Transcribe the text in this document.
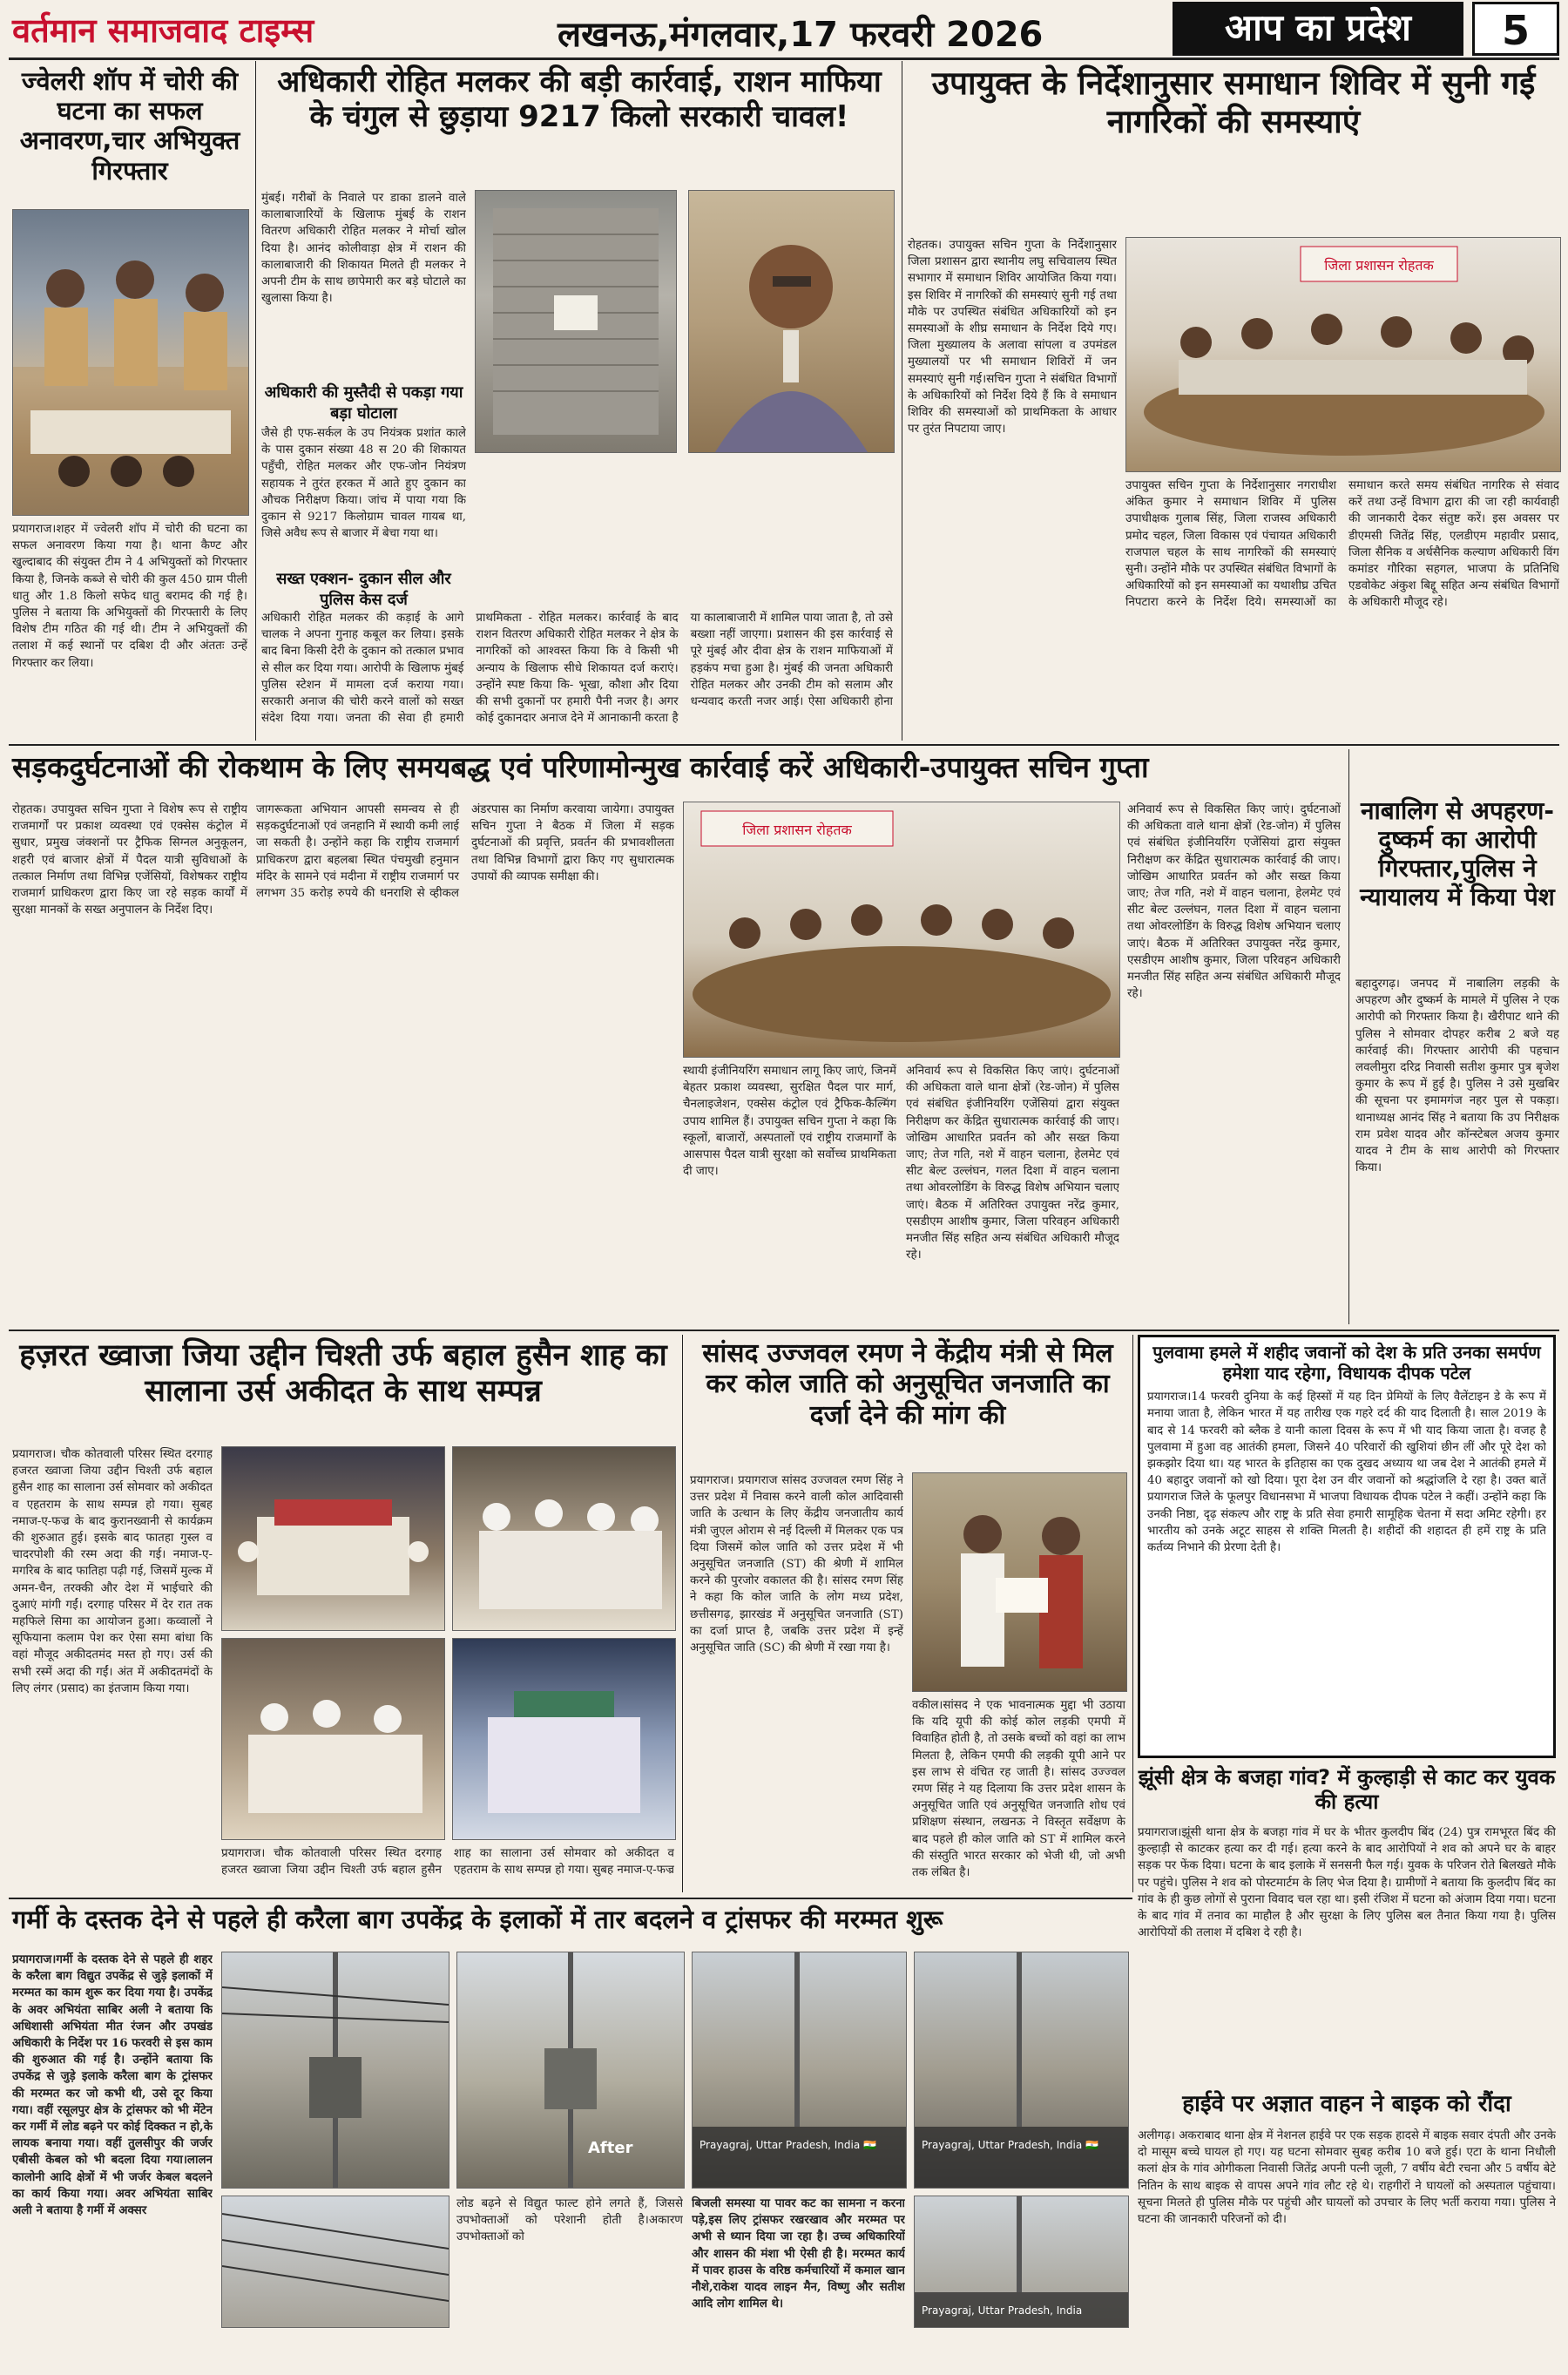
वर्तमान समाजवाद टाइम्स	लखनऊ,मंगलवार,17 फरवरी 2026	आप का प्रदेश	5
ज्वेलरी शॉप में चोरी की घटना का सफल अनावरण,चार अभियुक्त गिरफ्तार
प्रयागराज।शहर में ज्वेलरी शॉप में चोरी की घटना का सफल अनावरण किया गया है। थाना कैण्ट और खुल्दाबाद की संयुक्त टीम ने 4 अभियुक्तों को गिरफ्तार किया है, जिनके कब्जे से चोरी की कुल 450 ग्राम पीली धातु और 1.8 किलो सफेद धातु बरामद की गई है।पुलिस ने बताया कि अभियुक्तों की गिरफ्तारी के लिए विशेष टीम गठित की गई थी। टीम ने अभियुक्तों की तलाश में कई स्थानों पर दबिश दी और अंततः उन्हें गिरफ्तार कर लिया।
अधिकारी रोहित मलकर की बड़ी कार्रवाई, राशन माफिया के चंगुल से छुड़ाया 9217 किलो सरकारी चावल!
मुंबई। गरीबों के निवाले पर डाका डालने वाले कालाबाजारियों के खिलाफ मुंबई के राशन वितरण अधिकारी रोहित मलकर ने मोर्चा खोल दिया है। आनंद कोलीवाड़ा क्षेत्र में राशन की कालाबाजारी की शिकायत मिलते ही मलकर ने अपनी टीम के साथ छापेमारी कर बड़े घोटाले का खुलासा किया है।
अधिकारी की मुस्तैदी से पकड़ा गया बड़ा घोटाला
जैसे ही एफ-सर्कल के उप नियंत्रक प्रशांत काले के पास दुकान संख्या 48 स 20 की शिकायत पहुँची, रोहित मलकर और एफ-जोन नियंत्रण सहायक ने तुरंत हरकत में आते हुए दुकान का औचक निरीक्षण किया। जांच में पाया गया कि दुकान से 9217 किलोग्राम चावल गायब था, जिसे अवैध रूप से बाजार में बेचा गया था।
सख्त एक्शन- दुकान सील और पुलिस केस दर्ज
अधिकारी रोहित मलकर की कड़ाई के आगे चालक ने अपना गुनाह कबूल कर लिया। इसके बाद बिना किसी देरी के दुकान को तत्काल प्रभाव से सील कर दिया गया। आरोपी के खिलाफ मुंबई पुलिस स्टेशन में मामला दर्ज कराया गया। सरकारी अनाज की चोरी करने वालों को सख्त संदेश दिया गया। जनता की सेवा ही हमारी प्राथमिकता - रोहित मलकर। कार्रवाई के बाद राशन वितरण अधिकारी रोहित मलकर ने क्षेत्र के नागरिकों को आश्वस्त किया कि वे किसी भी अन्याय के खिलाफ सीधे शिकायत दर्ज कराएं। उन्होंने स्पष्ट किया कि- भूखा, कौशा और दिया की सभी दुकानों पर हमारी पैनी नजर है। अगर कोई दुकानदार अनाज देने में आनाकानी करता है या कालाबाजारी में शामिल पाया जाता है, तो उसे बख्शा नहीं जाएगा। प्रशासन की इस कार्रवाई से पूरे मुंबई और दीवा क्षेत्र के राशन माफियाओं में हड़कंप मचा हुआ है। मुंबई की जनता अधिकारी रोहित मलकर और उनकी टीम को सलाम और धन्यवाद करती नजर आई। ऐसा अधिकारी होना
उपायुक्त के निर्देशानुसार समाधान शिविर में सुनी गई नागरिकों की समस्याएं
रोहतक। उपायुक्त सचिन गुप्ता के निर्देशानुसार जिला प्रशासन द्वारा स्थानीय लघु सचिवालय स्थित सभागार में समाधान शिविर आयोजित किया गया। इस शिविर में नागरिकों की समस्याएं सुनी गई तथा मौके पर उपस्थित संबंधित अधिकारियों को इन समस्याओं के शीघ्र समाधान के निर्देश दिये गए। जिला मुख्यालय के अलावा सांपला व उपमंडल मुख्यालयों पर भी समाधान शिविरों में जन समस्याएं सुनी गई।सचिन गुप्ता ने संबंधित विभागों के अधिकारियों को निर्देश दिये हैं कि वे समाधान शिविर की समस्याओं को प्राथमिकता के आधार पर तुरंत निपटाया जाए।
जिला प्रशासन रोहतक
उपायुक्त सचिन गुप्ता के निर्देशानुसार नगराधीश अंकित कुमार ने समाधान शिविर में पुलिस उपाधीक्षक गुलाब सिंह, जिला राजस्व अधिकारी प्रमोद चहल, जिला विकास एवं पंचायत अधिकारी राजपाल चहल के साथ नागरिकों की समस्याएं सुनी। उन्होंने मौके पर उपस्थित संबंधित विभागों के अधिकारियों को इन समस्याओं का यथाशीघ्र उचित निपटारा करने के निर्देश दिये। समस्याओं का समाधान करते समय संबंधित नागरिक से संवाद करें तथा उन्हें विभाग द्वारा की जा रही कार्यवाही की जानकारी देकर संतुष्ट करें। इस अवसर पर डीएमसी जितेंद्र सिंह, एलडीएम महावीर प्रसाद, जिला सैनिक व अर्धसैनिक कल्याण अधिकारी विंग कमांडर गौरिका सहगल, भाजपा के प्रतिनिधि एडवोकेट अंकुश बिद्दू सहित अन्य संबंधित विभागों के अधिकारी मौजूद रहे।
सड़कदुर्घटनाओं की रोकथाम के लिए समयबद्ध एवं परिणामोन्मुख कार्रवाई करें अधिकारी-उपायुक्त सचिन गुप्ता
रोहतक। उपायुक्त सचिन गुप्ता ने विशेष रूप से राष्ट्रीय राजमार्गों पर प्रकाश व्यवस्था एवं एक्सेस कंट्रोल में सुधार, प्रमुख जंक्शनों पर ट्रैफिक सिग्नल अनुकूलन, शहरी एवं बाजार क्षेत्रों में पैदल यात्री सुविधाओं के तत्काल निर्माण तथा विभिन्न एजेंसियों, विशेषकर राष्ट्रीय राजमार्ग प्राधिकरण द्वारा किए जा रहे सड़क कार्यों में सुरक्षा मानकों के सख्त अनुपालन के निर्देश दिए।
जागरूकता अभियान आपसी समन्वय से ही सड़कदुर्घटनाओं एवं जनहानि में स्थायी कमी लाई जा सकती है। उन्होंने कहा कि राष्ट्रीय राजमार्ग प्राधिकरण द्वारा बहलबा स्थित पंचमुखी हनुमान मंदिर के सामने एवं मदीना में राष्ट्रीय राजमार्ग पर लगभग 35 करोड़ रुपये की धनराशि से व्हीकल अंडरपास का निर्माण करवाया जायेगा। उपायुक्त सचिन गुप्ता ने बैठक में जिला में सड़क दुर्घटनाओं की प्रवृत्ति, प्रवर्तन की प्रभावशीलता तथा विभिन्न विभागों द्वारा किए गए सुधारात्मक उपायों की व्यापक समीक्षा की।
जिला प्रशासन रोहतक
स्थायी इंजीनियरिंग समाधान लागू किए जाएं, जिनमें बेहतर प्रकाश व्यवस्था, सुरक्षित पैदल पार मार्ग, चैनलाइजेशन, एक्सेस कंट्रोल एवं ट्रैफिक-कैल्मिंग उपाय शामिल हैं। उपायुक्त सचिन गुप्ता ने कहा कि स्कूलों, बाजारों, अस्पतालों एवं राष्ट्रीय राजमार्गों के आसपास पैदल यात्री सुरक्षा को सर्वोच्च प्राथमिकता दी जाए।
अनिवार्य रूप से विकसित किए जाएं। दुर्घटनाओं की अधिकता वाले थाना क्षेत्रों (रेड-जोन) में पुलिस एवं संबंधित इंजीनियरिंग एजेंसियां द्वारा संयुक्त निरीक्षण कर केंद्रित सुधारात्मक कार्रवाई की जाए। जोखिम आधारित प्रवर्तन को और सख्त किया जाए; तेज गति, नशे में वाहन चलाना, हेलमेट एवं सीट बेल्ट उल्लंघन, गलत दिशा में वाहन चलाना तथा ओवरलोडिंग के विरुद्ध विशेष अभियान चलाए जाएं। बैठक में अतिरिक्त उपायुक्त नरेंद्र कुमार, एसडीएम आशीष कुमार, जिला परिवहन अधिकारी मनजीत सिंह सहित अन्य संबंधित अधिकारी मौजूद रहे।
अनिवार्य रूप से विकसित किए जाएं। दुर्घटनाओं की अधिकता वाले थाना क्षेत्रों (रेड-जोन) में पुलिस एवं संबंधित इंजीनियरिंग एजेंसियां द्वारा संयुक्त निरीक्षण कर केंद्रित सुधारात्मक कार्रवाई की जाए। जोखिम आधारित प्रवर्तन को और सख्त किया जाए; तेज गति, नशे में वाहन चलाना, हेलमेट एवं सीट बेल्ट उल्लंघन, गलत दिशा में वाहन चलाना तथा ओवरलोडिंग के विरुद्ध विशेष अभियान चलाए जाएं। बैठक में अतिरिक्त उपायुक्त नरेंद्र कुमार, एसडीएम आशीष कुमार, जिला परिवहन अधिकारी मनजीत सिंह सहित अन्य संबंधित अधिकारी मौजूद रहे।
नाबालिग से अपहरण-दुष्कर्म का आरोपी गिरफ्तार,पुलिस ने न्यायालय में किया पेश
बहादुरगढ़। जनपद में नाबालिग लड़की के अपहरण और दुष्कर्म के मामले में पुलिस ने एक आरोपी को गिरफ्तार किया है। खैरीपाट थाने की पुलिस ने सोमवार दोपहर करीब 2 बजे यह कार्रवाई की। गिरफ्तार आरोपी की पहचान लवलीमुरा दरिद्र निवासी सतीश कुमार पुत्र बृजेश कुमार के रूप में हुई है। पुलिस ने उसे मुखबिर की सूचना पर इमामगंज नहर पुल से पकड़ा। थानाध्यक्ष आनंद सिंह ने बताया कि उप निरीक्षक राम प्रवेश यादव और कॉन्स्टेबल अजय कुमार यादव ने टीम के साथ आरोपी को गिरफ्तार किया।
हज़रत ख्वाजा जिया उद्दीन चिश्ती उर्फ बहाल हुसैन शाह का सालाना उर्स अकीदत के साथ सम्पन्न
प्रयागराज। चौक कोतवाली परिसर स्थित दरगाह हजरत ख्वाजा जिया उद्दीन चिश्ती उर्फ बहाल हुसैन शाह का सालाना उर्स सोमवार को अकीदत व एहतराम के साथ सम्पन्न हो गया। सुबह नमाज-ए-फज्र के बाद कुरानख्वानी से कार्यक्रम की शुरुआत हुई। इसके बाद फातहा गुस्ल व चादरपोशी की रस्म अदा की गई। नमाज-ए-मगरिब के बाद फातिहा पढ़ी गई, जिसमें मुल्क में अमन-चैन, तरक्की और देश में भाईचारे की दुआएं मांगी गईं। दरगाह परिसर में देर रात तक महफिले सिमा का आयोजन हुआ। कव्वालों ने सूफियाना कलाम पेश कर ऐसा समा बांधा कि वहां मौजूद अकीदतमंद मस्त हो गए। उर्स की सभी रस्में अदा की गईं। अंत में अकीदतमंदों के लिए लंगर (प्रसाद) का इंतजाम किया गया।
प्रयागराज। चौक कोतवाली परिसर स्थित दरगाह हजरत ख्वाजा जिया उद्दीन चिश्ती उर्फ बहाल हुसैन शाह का सालाना उर्स सोमवार को अकीदत व एहतराम के साथ सम्पन्न हो गया। सुबह नमाज-ए-फज्र
सांसद उज्जवल रमण ने केंद्रीय मंत्री से मिल कर कोल जाति को अनुसूचित जनजाति का दर्जा देने की मांग की
प्रयागराज। प्रयागराज सांसद उज्जवल रमण सिंह ने उत्तर प्रदेश में निवास करने वाली कोल आदिवासी जाति के उत्थान के लिए केंद्रीय जनजातीय कार्य मंत्री जुएल ओराम से नई दिल्ली में मिलकर एक पत्र दिया जिसमें कोल जाति को उत्तर प्रदेश में भी अनुसूचित जनजाति (ST) की श्रेणी में शामिल करने की पुरजोर वकालत की है। सांसद रमण सिंह ने कहा कि कोल जाति के लोग मध्य प्रदेश, छत्तीसगढ़, झारखंड में अनुसूचित जनजाति (ST) का दर्जा प्राप्त है, जबकि उत्तर प्रदेश में इन्हें अनुसूचित जाति (SC) की श्रेणी में रखा गया है।
वकील।सांसद ने एक भावनात्मक मुद्दा भी उठाया कि यदि यूपी की कोई कोल लड़की एमपी में विवाहित होती है, तो उसके बच्चों को वहां का लाभ मिलता है, लेकिन एमपी की लड़की यूपी आने पर इस लाभ से वंचित रह जाती है। सांसद उज्ज्वल रमण सिंह ने यह दिलाया कि उत्तर प्रदेश शासन के अनुसूचित जाति एवं अनुसूचित जनजाति शोध एवं प्रशिक्षण संस्थान, लखनऊ ने विस्तृत सर्वेक्षण के बाद पहले ही कोल जाति को ST में शामिल करने की संस्तुति भारत सरकार को भेजी थी, जो अभी तक लंबित है।
पुलवामा हमले में शहीद जवानों को देश के प्रति उनका समर्पण हमेशा याद रहेगा, विधायक दीपक पटेल
प्रयागराज।14 फरवरी दुनिया के कई हिस्सों में यह दिन प्रेमियों के लिए वैलेंटाइन डे के रूप में मनाया जाता है, लेकिन भारत में यह तारीख एक गहरे दर्द की याद दिलाती है। साल 2019 के बाद से 14 फरवरी को ब्लैक डे यानी काला दिवस के रूप में भी याद किया जाता है। वजह है पुलवामा में हुआ वह आतंकी हमला, जिसने 40 परिवारों की खुशियां छीन लीं और पूरे देश को झकझोर दिया था। यह भारत के इतिहास का एक दुखद अध्याय था जब देश ने आतंकी हमले में 40 बहादुर जवानों को खो दिया। पूरा देश उन वीर जवानों को श्रद्धांजलि दे रहा है। उक्त बातें प्रयागराज जिले के फूलपुर विधानसभा में भाजपा विधायक दीपक पटेल ने कहीं। उन्होंने कहा कि उनकी निष्ठा, दृढ़ संकल्प और राष्ट्र के प्रति सेवा हमारी सामूहिक चेतना में सदा अमिट रहेगी। हर भारतीय को उनके अटूट साहस से शक्ति मिलती है। शहीदों की शहादत ही हमें राष्ट्र के प्रति कर्तव्य निभाने की प्रेरणा देती है।
झूंसी क्षेत्र के बजहा गांव? में कुल्हाड़ी से काट कर युवक की हत्या
प्रयागराज।झूंसी थाना क्षेत्र के बजहा गांव में घर के भीतर कुलदीप बिंद (24) पुत्र रामभूरत बिंद की कुल्हाड़ी से काटकर हत्या कर दी गई। हत्या करने के बाद आरोपियों ने शव को अपने घर के बाहर सड़क पर फेंक दिया। घटना के बाद इलाके में सनसनी फैल गई। युवक के परिजन रोते बिलखते मौके पर पहुंचे। पुलिस ने शव को पोस्टमार्टम के लिए भेज दिया है। ग्रामीणों ने बताया कि कुलदीप बिंद का गांव के ही कुछ लोगों से पुराना विवाद चल रहा था। इसी रंजिश में घटना को अंजाम दिया गया। घटना के बाद गांव में तनाव का माहौल है और सुरक्षा के लिए पुलिस बल तैनात किया गया है। पुलिस आरोपियों की तलाश में दबिश दे रही है।
हाईवे पर अज्ञात वाहन ने बाइक को रौंदा
अलीगढ़। अकराबाद थाना क्षेत्र में नेशनल हाईवे पर एक सड़क हादसे में बाइक सवार दंपती और उनके दो मासूम बच्चे घायल हो गए। यह घटना सोमवार सुबह करीब 10 बजे हुई। एटा के थाना निधौली कलां क्षेत्र के गांव ओगीकला निवासी जितेंद्र अपनी पत्नी जूली, 7 वर्षीय बेटी रचना और 5 वर्षीय बेटे नितिन के साथ बाइक से वापस अपने गांव लौट रहे थे। राहगीरों ने घायलों को अस्पताल पहुंचाया। सूचना मिलते ही पुलिस मौके पर पहुंची और घायलों को उपचार के लिए भर्ती कराया गया। पुलिस ने घटना की जानकारी परिजनों को दी।
गर्मी के दस्तक देने से पहले ही करैला बाग उपकेंद्र के इलाकों में तार बदलने व ट्रांसफर की मरम्मत शुरू
प्रयागराज।गर्मी के दस्तक देने से पहले ही शहर के करैला बाग विद्युत उपकेंद्र से जुड़े इलाकों में मरम्मत का काम शुरू कर दिया गया है। उपकेंद्र के अवर अभियंता साबिर अली ने बताया कि अधिशासी अभियंता मीत रंजन और उपखंड अधिकारी के निर्देश पर 16 फरवरी से इस काम की शुरुआत की गई है। उन्होंने बताया कि उपकेंद्र से जुड़े इलाके करैला बाग के ट्रांसफर की मरम्मत कर जो कभी थी, उसे दूर किया गया। वहीं रसूलपुर क्षेत्र के ट्रांसफर को भी मेंटेन कर गर्मी में लोड बढ़ने पर कोई दिक्कत न हो,के लायक बनाया गया। वहीं तुलसीपुर की जर्जर एबीसी केबल को भी बदला दिया गया।लालन कालोनी आदि क्षेत्रों में भी जर्जर केबल बदलने का कार्य किया गया। अवर अभियंता साबिर अली ने बताया है गर्मी में अक्सर
After	Prayagraj, Uttar Pradesh, India 🇮🇳	Prayagraj, Uttar Pradesh, India 🇮🇳
Prayagraj, Uttar Pradesh, India
लोड बढ़ने से विद्युत फाल्ट होने लगते हैं, जिससे उपभोक्ताओं को परेशानी होती है।अकारण उपभोक्ताओं को
बिजली समस्या या पावर कट का सामना न करना पड़े,इस लिए ट्रांसफर रखरखाव और मरम्मत पर अभी से ध्यान दिया जा रहा है। उच्च अधिकारियों और शासन की मंशा भी ऐसी ही है। मरम्मत कार्य में पावर हाउस के वरिष्ठ कर्मचारियों में कमाल खान नौशे,राकेश यादव लाइन मैन, विष्णु और सतीश आदि लोग शामिल थे।
